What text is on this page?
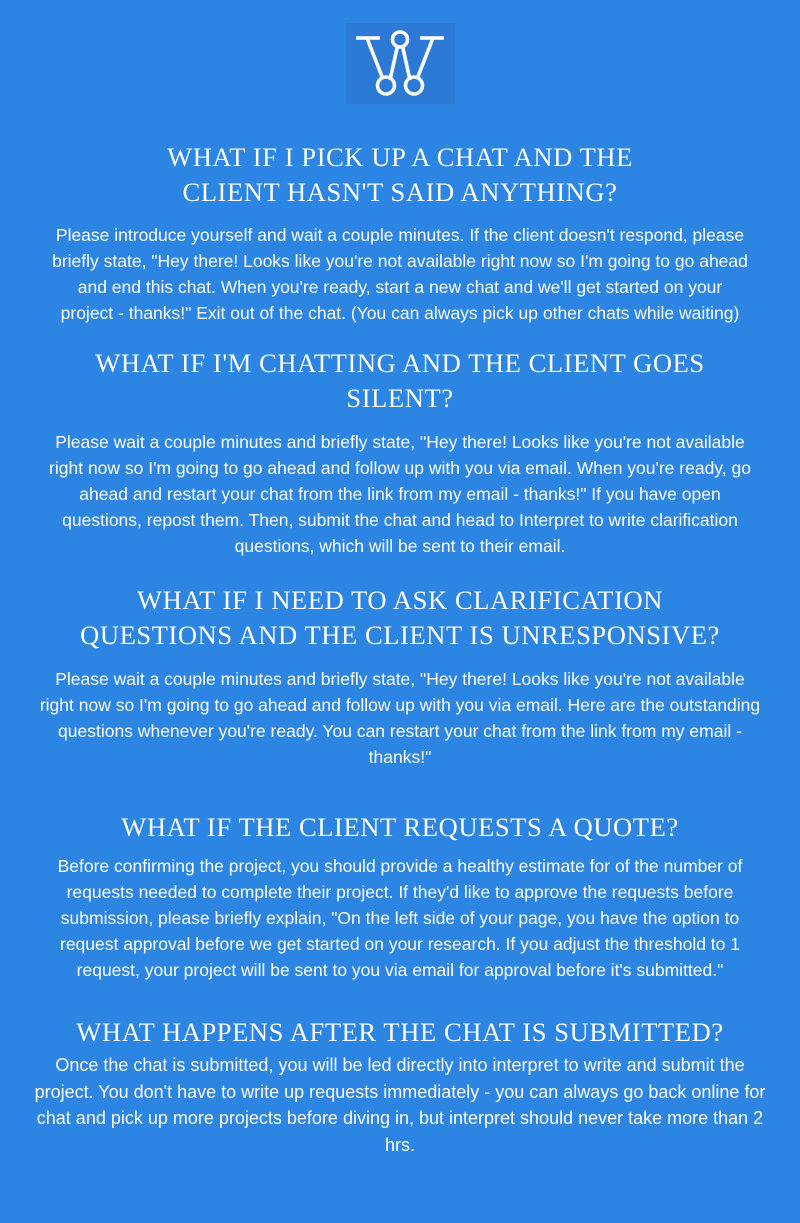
WHAT IF I PICK UP A CHAT AND THE
CLIENT HASN'T SAID ANYTHING?

Please introduce yourself and wait a couple minutes. If the client doesn't respond, please briefly state, "Hey there! Looks like you're not available right now so I'm going to go ahead and end this chat. When you're ready, start a new chat and we'll get started on your project - thanks!" Exit out of the chat. (You can always pick up other chats while waiting)

WHAT IF I'M CHATTING AND THE CLIENT GOES
SILENT?

Please wait a couple minutes and briefly state, "Hey there! Looks like you're not available right now so I'm going to go ahead and follow up with you via email. When you're ready, go ahead and restart your chat from the link from my email - thanks!" If you have open questions, repost them. Then, submit the chat and head to Interpret to write clarification questions, which will be sent to their email.

WHAT IF I NEED TO ASK CLARIFICATION
QUESTIONS AND THE CLIENT IS UNRESPONSIVE?

Please wait a couple minutes and briefly state, "Hey there! Looks like you're not available right now so I'm going to go ahead and follow up with you via email. Here are the outstanding questions whenever you're ready. You can restart your chat from the link from my email - thanks!"

WHAT IF THE CLIENT REQUESTS A QUOTE?

Before confirming the project, you should provide a healthy estimate for of the number of requests needed to complete their project. If they'd like to approve the requests before submission, please briefly explain, "On the left side of your page, you have the option to request approval before we get started on your research. If you adjust the threshold to 1 request, your project will be sent to you via email for approval before it's submitted."

WHAT HAPPENS AFTER THE CHAT IS SUBMITTED?

Once the chat is submitted, you will be led directly into interpret to write and submit the project. You don't have to write up requests immediately - you can always go back online for chat and pick up more projects before diving in, but interpret should never take more than 2 hrs.
